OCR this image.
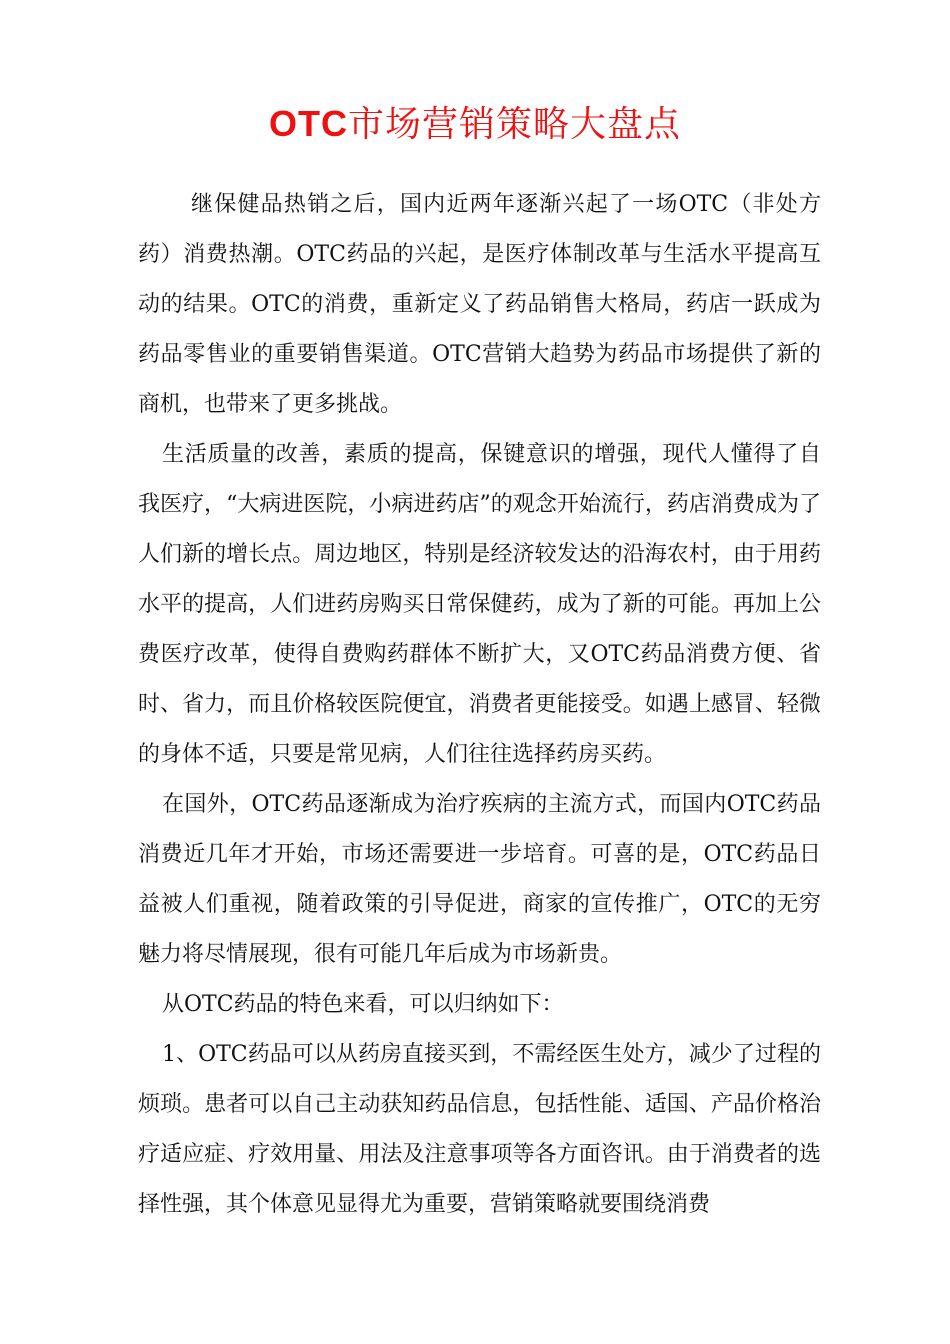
OTC市场营销策略大盘点

继保健品热销之后，国内近两年逐渐兴起了一场OTC（非处方药）消费热潮。OTC药品的兴起，是医疗体制改革与生活水平提高互动的结果。OTC的消费，重新定义了药品销售大格局，药店一跃成为药品零售业的重要销售渠道。OTC营销大趋势为药品市场提供了新的商机，也带来了更多挑战。

生活质量的改善，素质的提高，保键意识的增强，现代人懂得了自我医疗，“大病进医院，小病进药店”的观念开始流行，药店消费成为了人们新的增长点。周边地区，特别是经济较发达的沿海农村，由于用药水平的提高，人们进药房购买日常保健药，成为了新的可能。再加上公费医疗改革，使得自费购药群体不断扩大，又OTC药品消费方便、省时、省力，而且价格较医院便宜，消费者更能接受。如遇上感冒、轻微的身体不适，只要是常见病，人们往往选择药房买药。

在国外，OTC药品逐渐成为治疗疾病的主流方式，而国内OTC药品消费近几年才开始，市场还需要进一步培育。可喜的是，OTC药品日益被人们重视，随着政策的引导促进，商家的宣传推广，OTC的无穷魅力将尽情展现，很有可能几年后成为市场新贵。

从OTC药品的特色来看，可以归纳如下：

1、OTC药品可以从药房直接买到，不需经医生处方，减少了过程的烦琐。患者可以自己主动获知药品信息，包括性能、适国、产品价格治疗适应症、疗效用量、用法及注意事项等各方面咨讯。由于消费者的选择性强，其个体意见显得尤为重要，营销策略就要围绕消费
